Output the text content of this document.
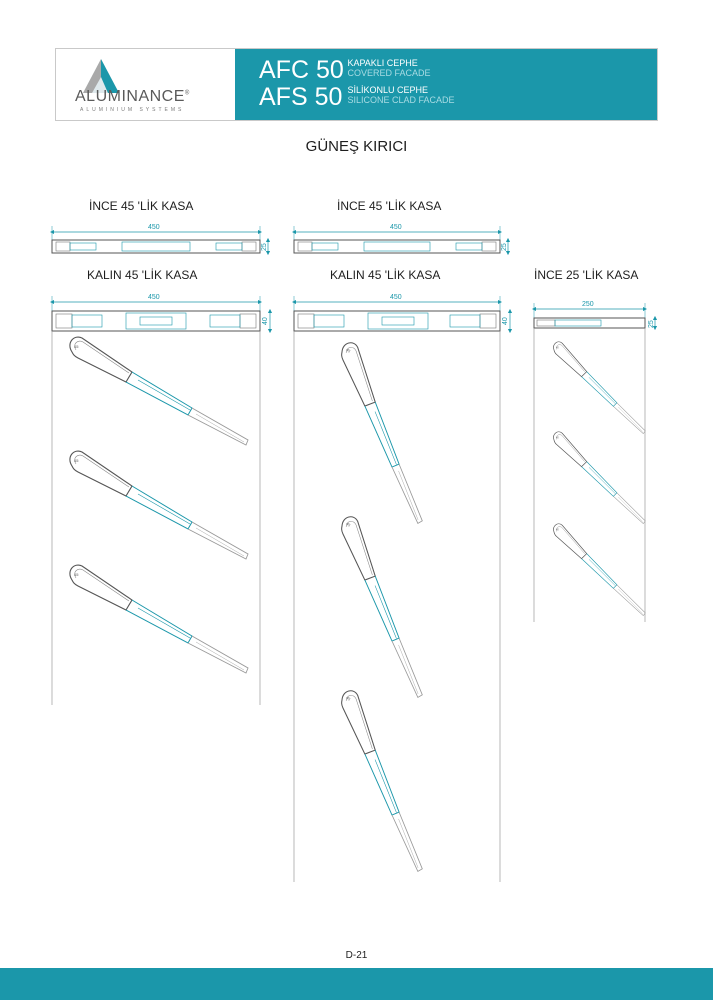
ALUMINANCE®
ALUMINIUM SYSTEMS
AFC 50 KAPAKLI CEPHE
COVERED FACADE
AFS 50 SİLİKONLU CEPHE
SILICONE CLAD FACADE
GÜNEŞ KIRICI
İNCE 45 'LİK KASA	İNCE 45 'LİK KASA
KALIN 45 'LİK KASA	KALIN 45 'LİK KASA	İNCE 25 'LİK KASA
450	450
450	450
250
25	25
40	40	25
D-21
